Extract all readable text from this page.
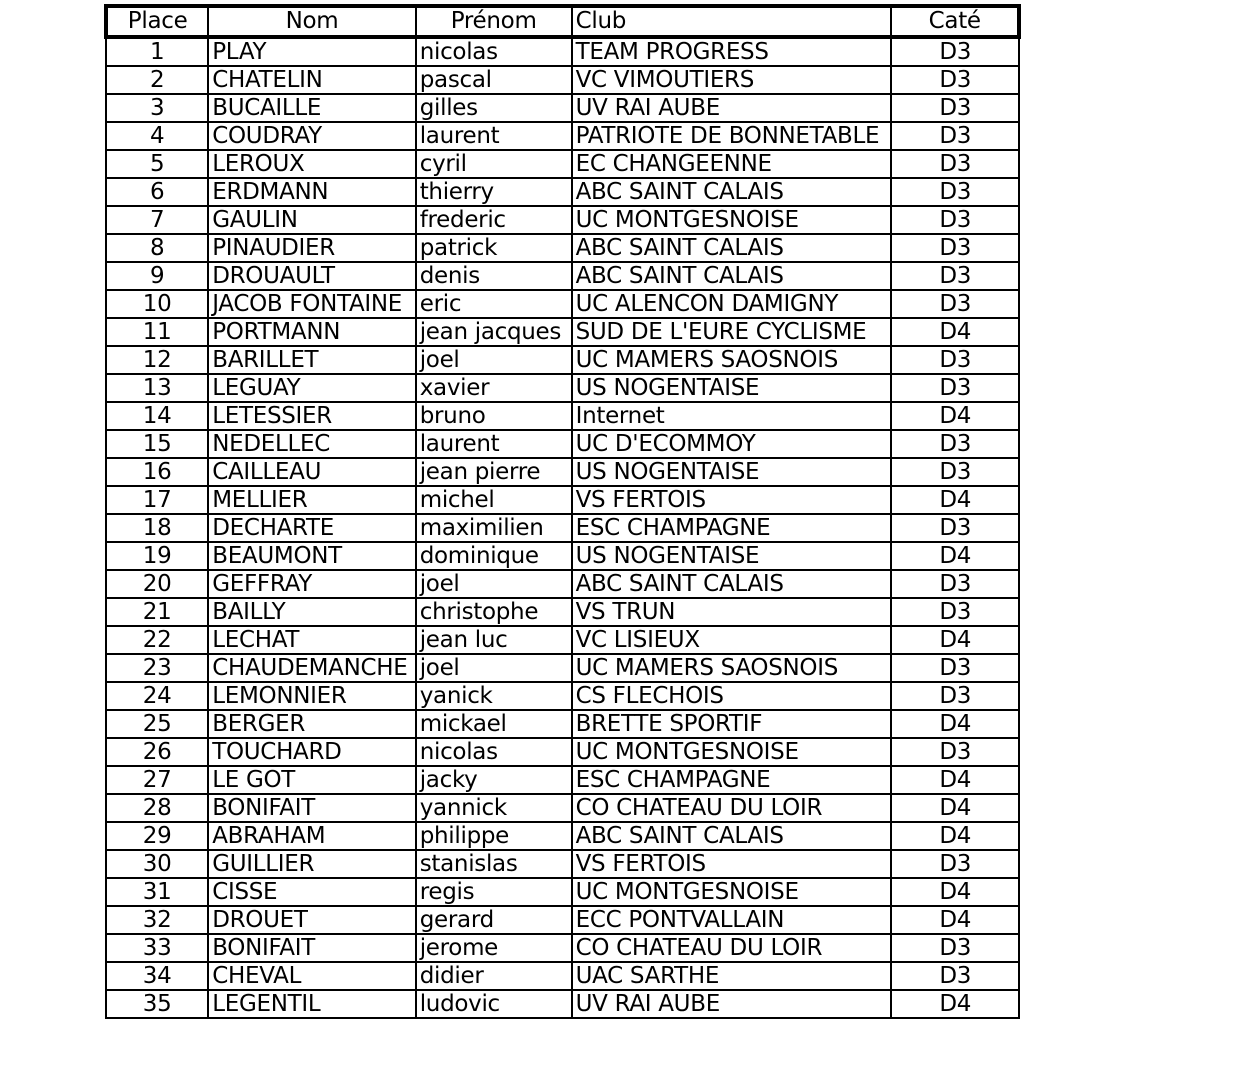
Place	Nom	Prénom	Club	Caté
1	PLAY	nicolas	TEAM PROGRESS	D3
2	CHATELIN	pascal	VC VIMOUTIERS	D3
3	BUCAILLE	gilles	UV RAI AUBE	D3
4	COUDRAY	laurent	PATRIOTE DE BONNETABLE	D3
5	LEROUX	cyril	EC CHANGEENNE	D3
6	ERDMANN	thierry	ABC SAINT CALAIS	D3
7	GAULIN	frederic	UC MONTGESNOISE	D3
8	PINAUDIER	patrick	ABC SAINT CALAIS	D3
9	DROUAULT	denis	ABC SAINT CALAIS	D3
10	JACOB FONTAINE	eric	UC ALENCON DAMIGNY	D3
11	PORTMANN	jean jacques	SUD DE L'EURE CYCLISME	D4
12	BARILLET	joel	UC MAMERS SAOSNOIS	D3
13	LEGUAY	xavier	US NOGENTAISE	D3
14	LETESSIER	bruno	Internet	D4
15	NEDELLEC	laurent	UC D'ECOMMOY	D3
16	CAILLEAU	jean pierre	US NOGENTAISE	D3
17	MELLIER	michel	VS FERTOIS	D4
18	DECHARTE	maximilien	ESC CHAMPAGNE	D3
19	BEAUMONT	dominique	US NOGENTAISE	D4
20	GEFFRAY	joel	ABC SAINT CALAIS	D3
21	BAILLY	christophe	VS TRUN	D3
22	LECHAT	jean luc	VC LISIEUX	D4
23	CHAUDEMANCHE	joel	UC MAMERS SAOSNOIS	D3
24	LEMONNIER	yanick	CS FLECHOIS	D3
25	BERGER	mickael	BRETTE SPORTIF	D4
26	TOUCHARD	nicolas	UC MONTGESNOISE	D3
27	LE GOT	jacky	ESC CHAMPAGNE	D4
28	BONIFAIT	yannick	CO CHATEAU DU LOIR	D4
29	ABRAHAM	philippe	ABC SAINT CALAIS	D4
30	GUILLIER	stanislas	VS FERTOIS	D3
31	CISSE	regis	UC MONTGESNOISE	D4
32	DROUET	gerard	ECC PONTVALLAIN	D4
33	BONIFAIT	jerome	CO CHATEAU DU LOIR	D3
34	CHEVAL	didier	UAC SARTHE	D3
35	LEGENTIL	ludovic	UV RAI AUBE	D4
